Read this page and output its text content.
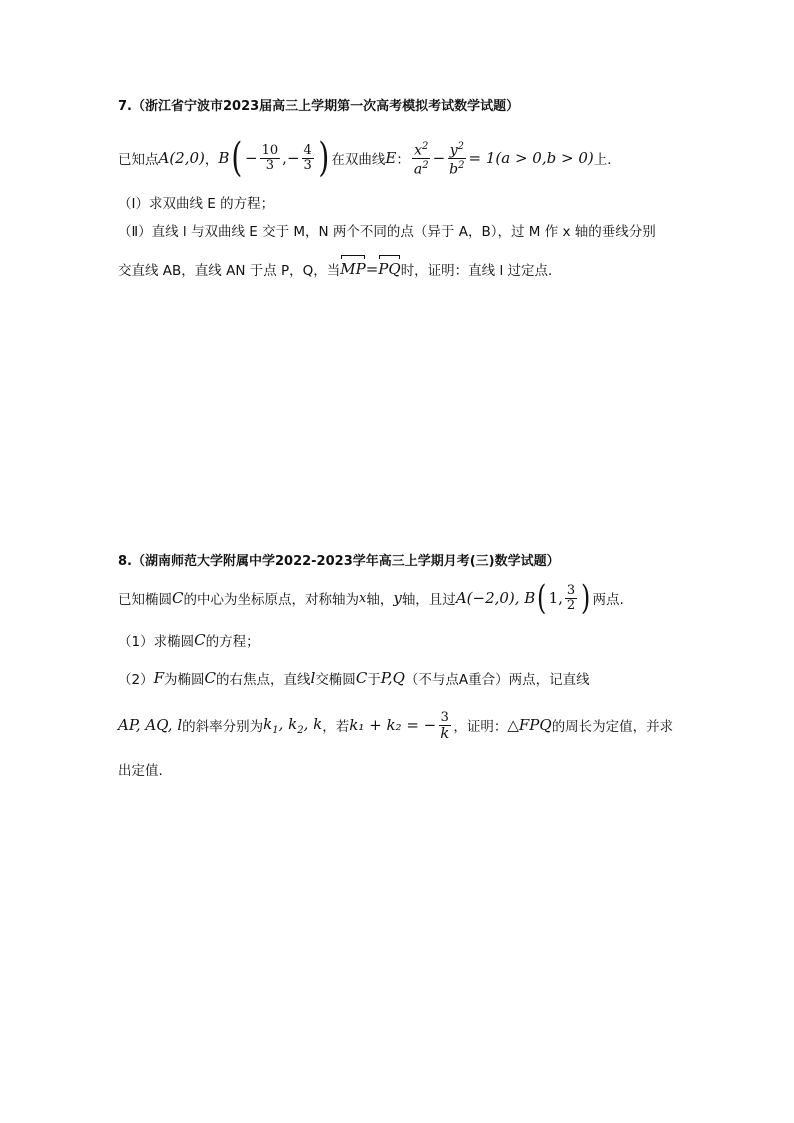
7.（浙江省宁波市2023届高三上学期第一次高考模拟考试数学试题）
已知点 A(2,0) ， B ( − $\frac{10}{3}$ ,− $\frac{4}{3}$ ) 在双曲线 E ： $\frac{x^2}{a^2} - \frac{y^2}{b^2} = 1(a > 0,b > 0)$ 上．
（Ⅰ）求双曲线 E 的方程；
（Ⅱ）直线 l 与双曲线 E 交于 M，N 两个不同的点（异于 A，B），过 M 作 x 轴的垂线分别
交直线 AB，直线 AN 于点 P，Q，当 MP = PQ 时，证明：直线 l 过定点．
8.（湖南师范大学附属中学2022-2023学年高三上学期月考(三)数学试题）
已知椭圆 C 的中心为坐标原点，对称轴为 x 轴， y 轴，且过 A(−2,0), B ( 1, $\frac{3}{2}$ ) 两点.
（1）求椭圆 C 的方程；
（2） F 为椭圆 C 的右焦点，直线 l 交椭圆 C 于 P,Q （不与点A重合）两点，记直线
AP, AQ, l 的斜率分别为 $k_1$, $k_2$, k ，若 k₁ + k₂ = − $\frac{3}{k}$ ，证明： △FPQ 的周长为定值，并求
出定值.
